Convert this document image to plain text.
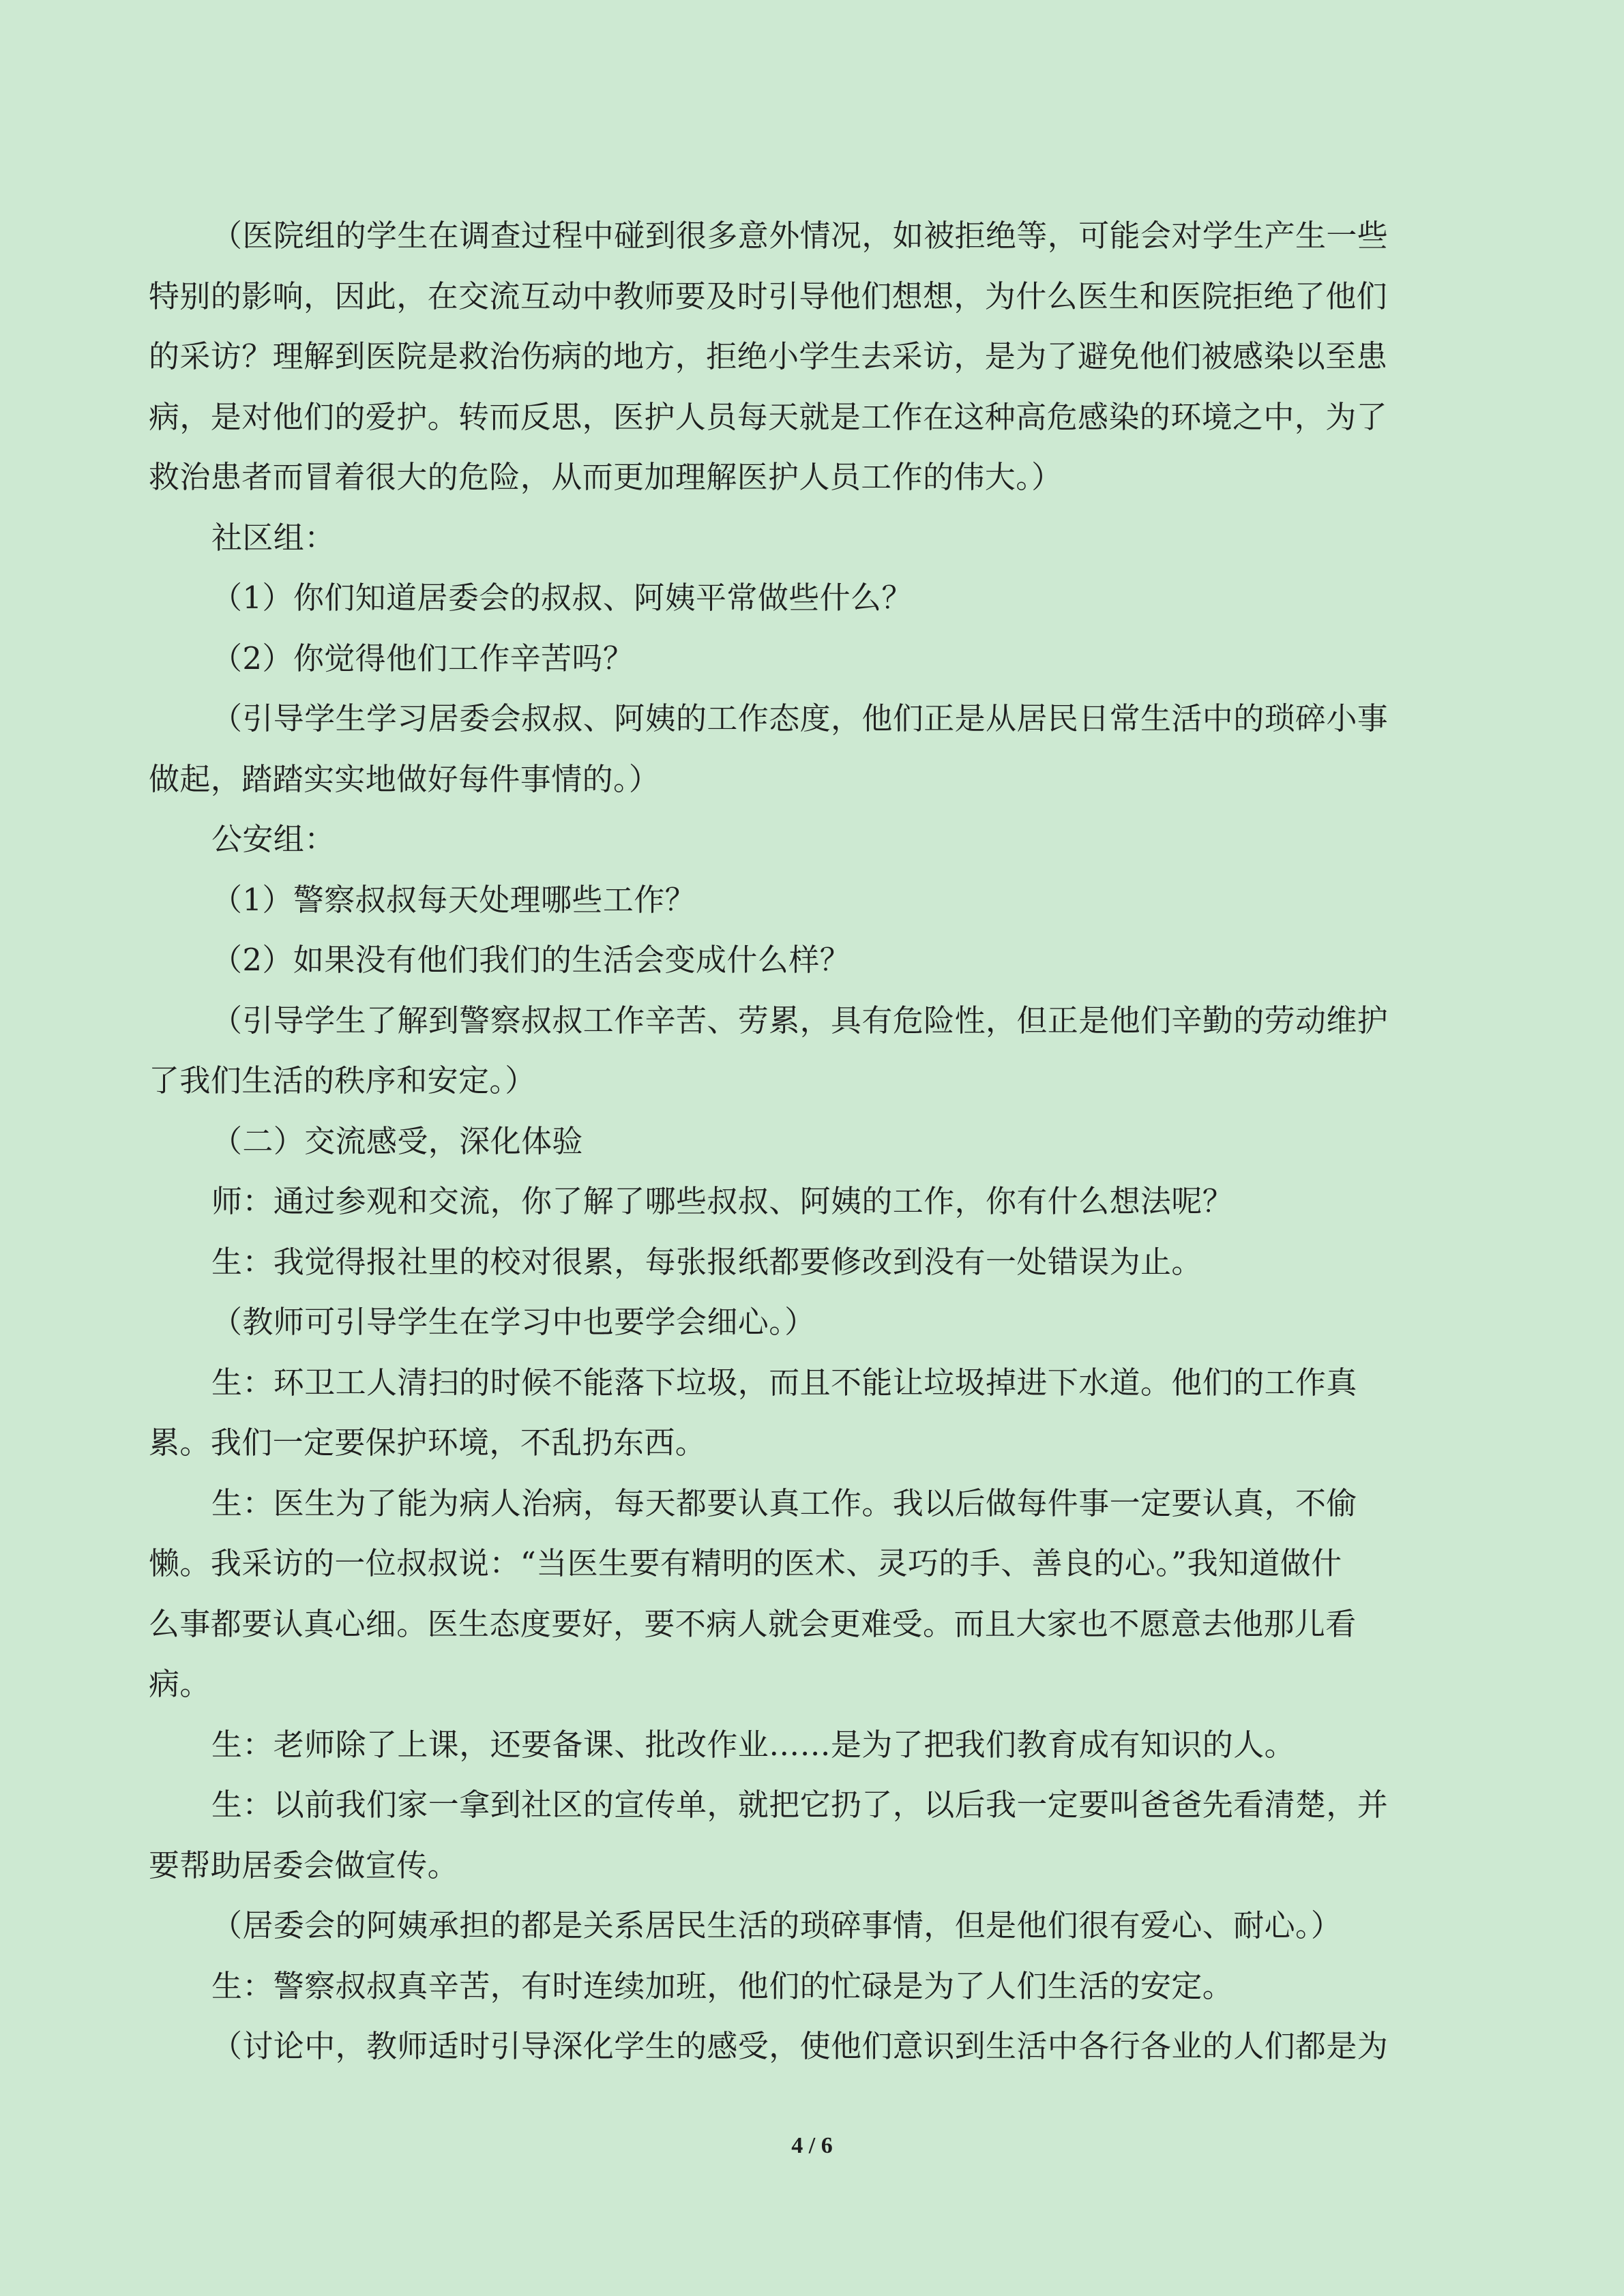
（医院组的学生在调查过程中碰到很多意外情况，如被拒绝等，可能会对学生产生一些
特别的影响，因此，在交流互动中教师要及时引导他们想想，为什么医生和医院拒绝了他们
的采访？理解到医院是救治伤病的地方，拒绝小学生去采访，是为了避免他们被感染以至患
病，是对他们的爱护。转而反思，医护人员每天就是工作在这种高危感染的环境之中，为了
救治患者而冒着很大的危险，从而更加理解医护人员工作的伟大。）
社区组：
（1）你们知道居委会的叔叔、阿姨平常做些什么？
（2）你觉得他们工作辛苦吗？
（引导学生学习居委会叔叔、阿姨的工作态度，他们正是从居民日常生活中的琐碎小事
做起，踏踏实实地做好每件事情的。）
公安组：
（1）警察叔叔每天处理哪些工作？
（2）如果没有他们我们的生活会变成什么样？
（引导学生了解到警察叔叔工作辛苦、劳累，具有危险性，但正是他们辛勤的劳动维护
了我们生活的秩序和安定。）
（二）交流感受，深化体验
师：通过参观和交流，你了解了哪些叔叔、阿姨的工作，你有什么想法呢？
生：我觉得报社里的校对很累，每张报纸都要修改到没有一处错误为止。
（教师可引导学生在学习中也要学会细心。）
生：环卫工人清扫的时候不能落下垃圾，而且不能让垃圾掉进下水道。他们的工作真
累。我们一定要保护环境，不乱扔东西。
生：医生为了能为病人治病，每天都要认真工作。我以后做每件事一定要认真，不偷
懒。我采访的一位叔叔说：“当医生要有精明的医术、灵巧的手、善良的心。”我知道做什
么事都要认真心细。医生态度要好，要不病人就会更难受。而且大家也不愿意去他那儿看
病。
生：老师除了上课，还要备课、批改作业……是为了把我们教育成有知识的人。
生：以前我们家一拿到社区的宣传单，就把它扔了，以后我一定要叫爸爸先看清楚，并
要帮助居委会做宣传。
（居委会的阿姨承担的都是关系居民生活的琐碎事情，但是他们很有爱心、耐心。）
生：警察叔叔真辛苦，有时连续加班，他们的忙碌是为了人们生活的安定。
（讨论中，教师适时引导深化学生的感受，使他们意识到生活中各行各业的人们都是为
4 / 6
